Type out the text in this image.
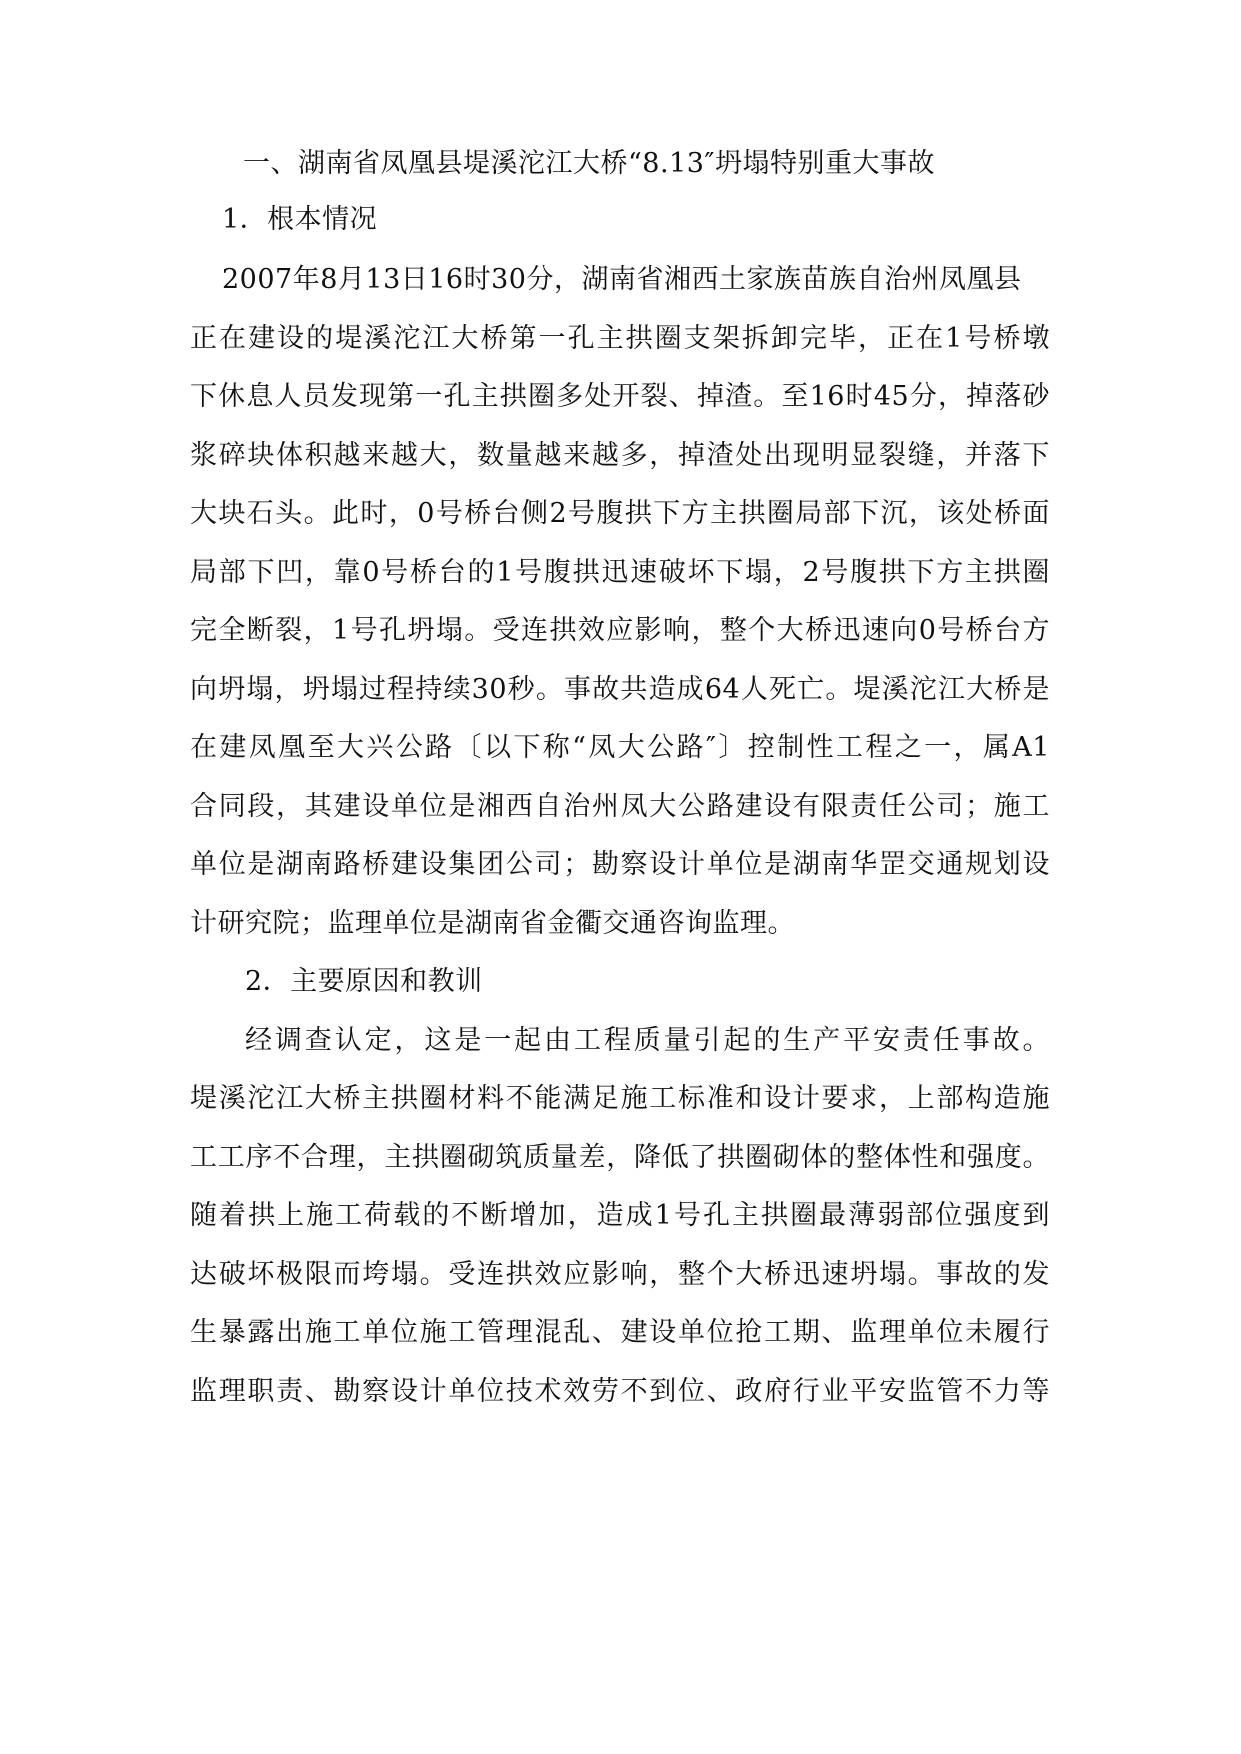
一、湖南省凤凰县堤溪沱江大桥“8.13″坍塌特别重大事故
1．根本情况
2007年8月13日16时30分，湖南省湘西土家族苗族自治州凤凰县
正在建设的堤溪沱江大桥第一孔主拱圈支架拆卸完毕，正在1号桥墩
下休息人员发现第一孔主拱圈多处开裂、掉渣。至16时45分，掉落砂
浆碎块体积越来越大，数量越来越多，掉渣处出现明显裂缝，并落下
大块石头。此时，0号桥台侧2号腹拱下方主拱圈局部下沉，该处桥面
局部下凹，靠0号桥台的1号腹拱迅速破坏下塌，2号腹拱下方主拱圈
完全断裂，1号孔坍塌。受连拱效应影响，整个大桥迅速向0号桥台方
向坍塌，坍塌过程持续30秒。事故共造成64人死亡。堤溪沱江大桥是
在建凤凰至大兴公路〔以下称“凤大公路″〕控制性工程之一，属A1
合同段，其建设单位是湘西自治州凤大公路建设有限责任公司；施工
单位是湖南路桥建设集团公司；勘察设计单位是湖南华罡交通规划设
计研究院；监理单位是湖南省金衢交通咨询监理。
2．主要原因和教训
经调查认定，这是一起由工程质量引起的生产平安责任事故。
堤溪沱江大桥主拱圈材料不能满足施工标准和设计要求，上部构造施
工工序不合理，主拱圈砌筑质量差，降低了拱圈砌体的整体性和强度。
随着拱上施工荷载的不断增加，造成1号孔主拱圈最薄弱部位强度到
达破坏极限而垮塌。受连拱效应影响，整个大桥迅速坍塌。事故的发
生暴露出施工单位施工管理混乱、建设单位抢工期、监理单位未履行
监理职责、勘察设计单位技术效劳不到位、政府行业平安监管不力等
